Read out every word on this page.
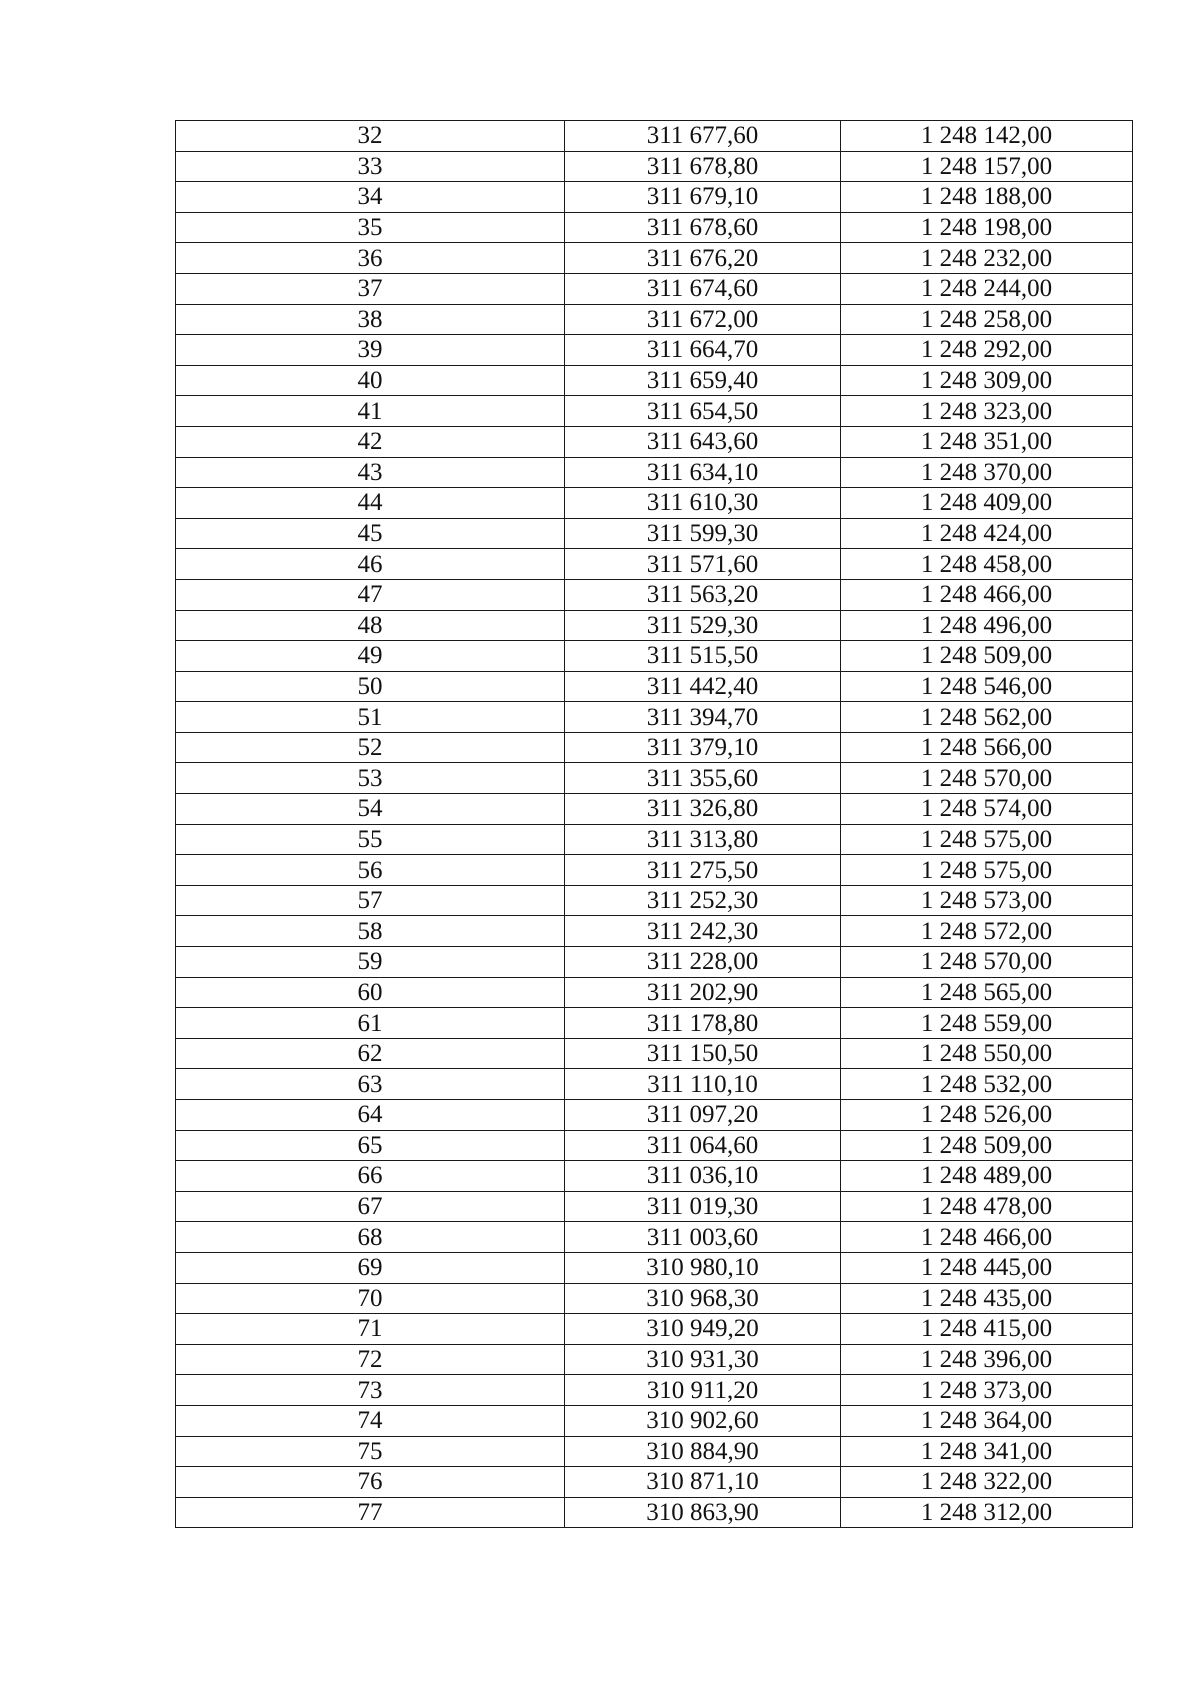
32	311 677,60	1 248 142,00
33	311 678,80	1 248 157,00
34	311 679,10	1 248 188,00
35	311 678,60	1 248 198,00
36	311 676,20	1 248 232,00
37	311 674,60	1 248 244,00
38	311 672,00	1 248 258,00
39	311 664,70	1 248 292,00
40	311 659,40	1 248 309,00
41	311 654,50	1 248 323,00
42	311 643,60	1 248 351,00
43	311 634,10	1 248 370,00
44	311 610,30	1 248 409,00
45	311 599,30	1 248 424,00
46	311 571,60	1 248 458,00
47	311 563,20	1 248 466,00
48	311 529,30	1 248 496,00
49	311 515,50	1 248 509,00
50	311 442,40	1 248 546,00
51	311 394,70	1 248 562,00
52	311 379,10	1 248 566,00
53	311 355,60	1 248 570,00
54	311 326,80	1 248 574,00
55	311 313,80	1 248 575,00
56	311 275,50	1 248 575,00
57	311 252,30	1 248 573,00
58	311 242,30	1 248 572,00
59	311 228,00	1 248 570,00
60	311 202,90	1 248 565,00
61	311 178,80	1 248 559,00
62	311 150,50	1 248 550,00
63	311 110,10	1 248 532,00
64	311 097,20	1 248 526,00
65	311 064,60	1 248 509,00
66	311 036,10	1 248 489,00
67	311 019,30	1 248 478,00
68	311 003,60	1 248 466,00
69	310 980,10	1 248 445,00
70	310 968,30	1 248 435,00
71	310 949,20	1 248 415,00
72	310 931,30	1 248 396,00
73	310 911,20	1 248 373,00
74	310 902,60	1 248 364,00
75	310 884,90	1 248 341,00
76	310 871,10	1 248 322,00
77	310 863,90	1 248 312,00
